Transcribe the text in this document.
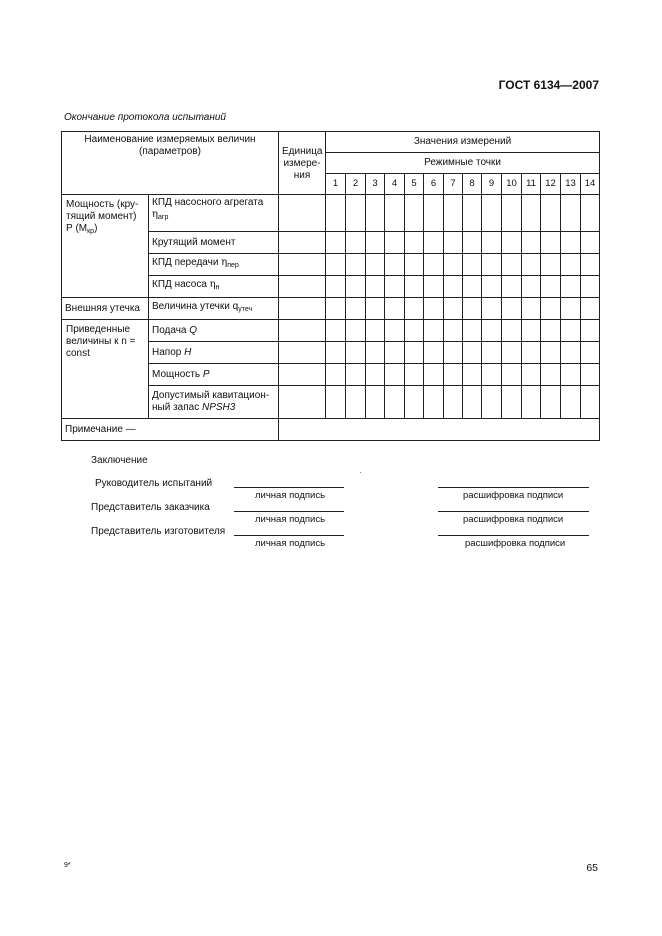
ГОСТ 6134—2007
Окончание протокола испытаний
Наименование измеряемых величин (параметров)		Единица измере-ния	Значения измерений													
			Режимные точки													
			1	2	3	4	5	6	7	8	9	10	11	12	13	14
Мощность (кру-тящий момент) Р $(М_{кр})$	КПД насосного агрегата $\eta_{агр}$															
	Крутящий момент															
	КПД передачи $\eta_{пер}$															
	КПД насоса $\eta_н$															
Внешняя утечка	Величина утечки $q_{утеч}$															
Приведенные величины к n = const	Подача Q															
	Напор H															
	Мощность P															
	Допустимый кавитацион-ный запас NPSH3															
Примечание —																
Заключение
Руководитель испытаний
личная подпись	расшифровка подписи
Представитель заказчика
личная подпись	расшифровка подписи
Представитель изготовителя
личная подпись	расшифровка подписи
9*	65
